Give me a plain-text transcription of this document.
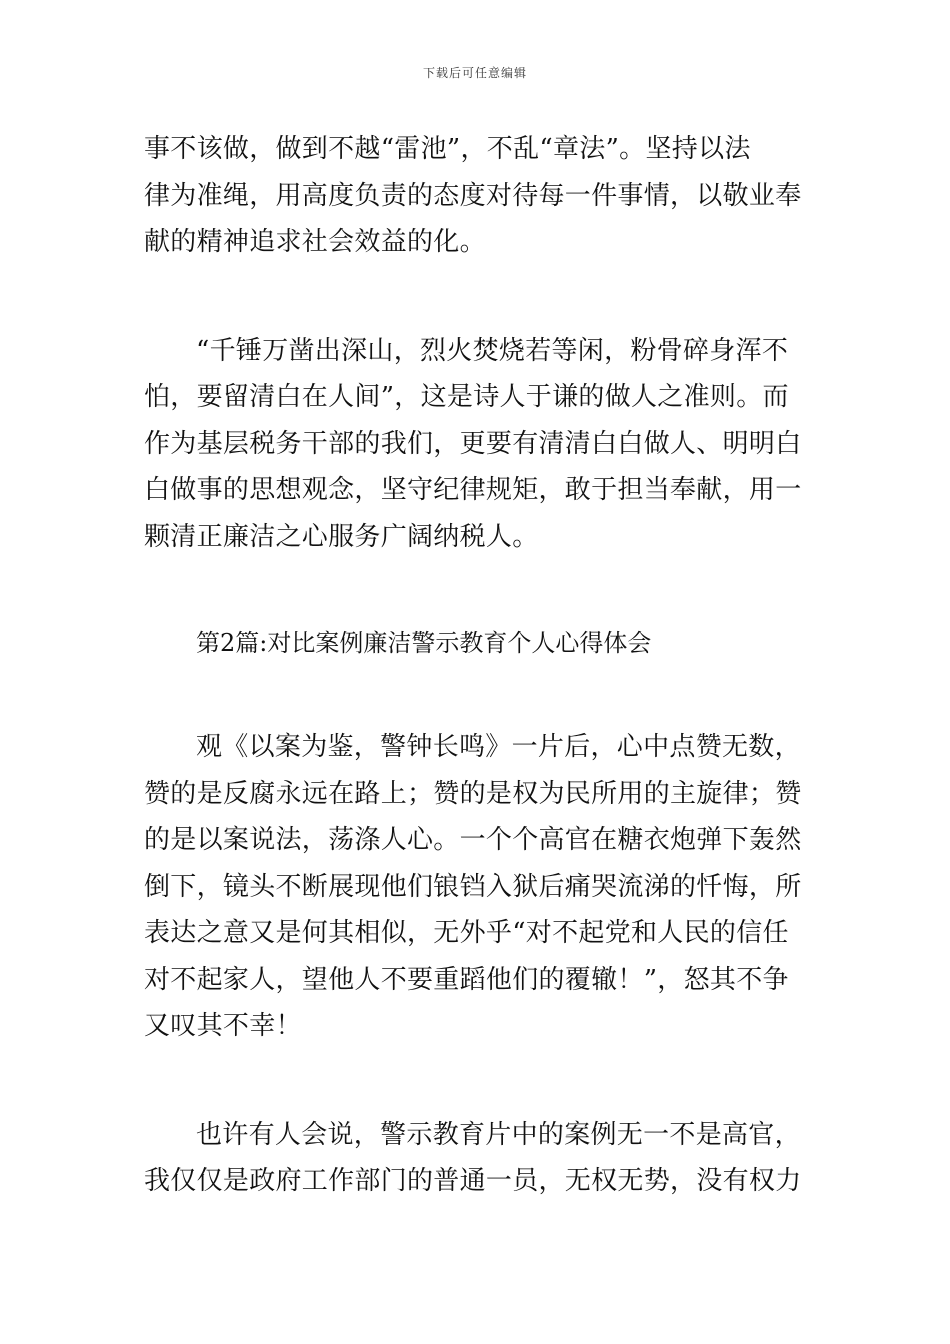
下载后可任意编辑
事不该做，做到不越“雷池”，不乱“章法”。坚持以法
律为准绳，用高度负责的态度对待每一件事情，以敬业奉
献的精神追求社会效益的化。
“千锤万凿出深山，烈火焚烧若等闲，粉骨碎身浑不
怕，要留清白在人间”，这是诗人于谦的做人之准则。而
作为基层税务干部的我们，更要有清清白白做人、明明白
白做事的思想观念，坚守纪律规矩，敢于担当奉献，用一
颗清正廉洁之心服务广阔纳税人。
第2篇:对比案例廉洁警示教育个人心得体会
观《以案为鉴，警钟长鸣》一片后，心中点赞无数，
赞的是反腐永远在路上；赞的是权为民所用的主旋律；赞
的是以案说法，荡涤人心。一个个高官在糖衣炮弹下轰然
倒下，镜头不断展现他们锒铛入狱后痛哭流涕的忏悔，所
表达之意又是何其相似，无外乎“对不起党和人民的信任
对不起家人，望他人不要重蹈他们的覆辙！”，怒其不争
又叹其不幸！
也许有人会说，警示教育片中的案例无一不是高官，
我仅仅是政府工作部门的普通一员，无权无势，没有权力
